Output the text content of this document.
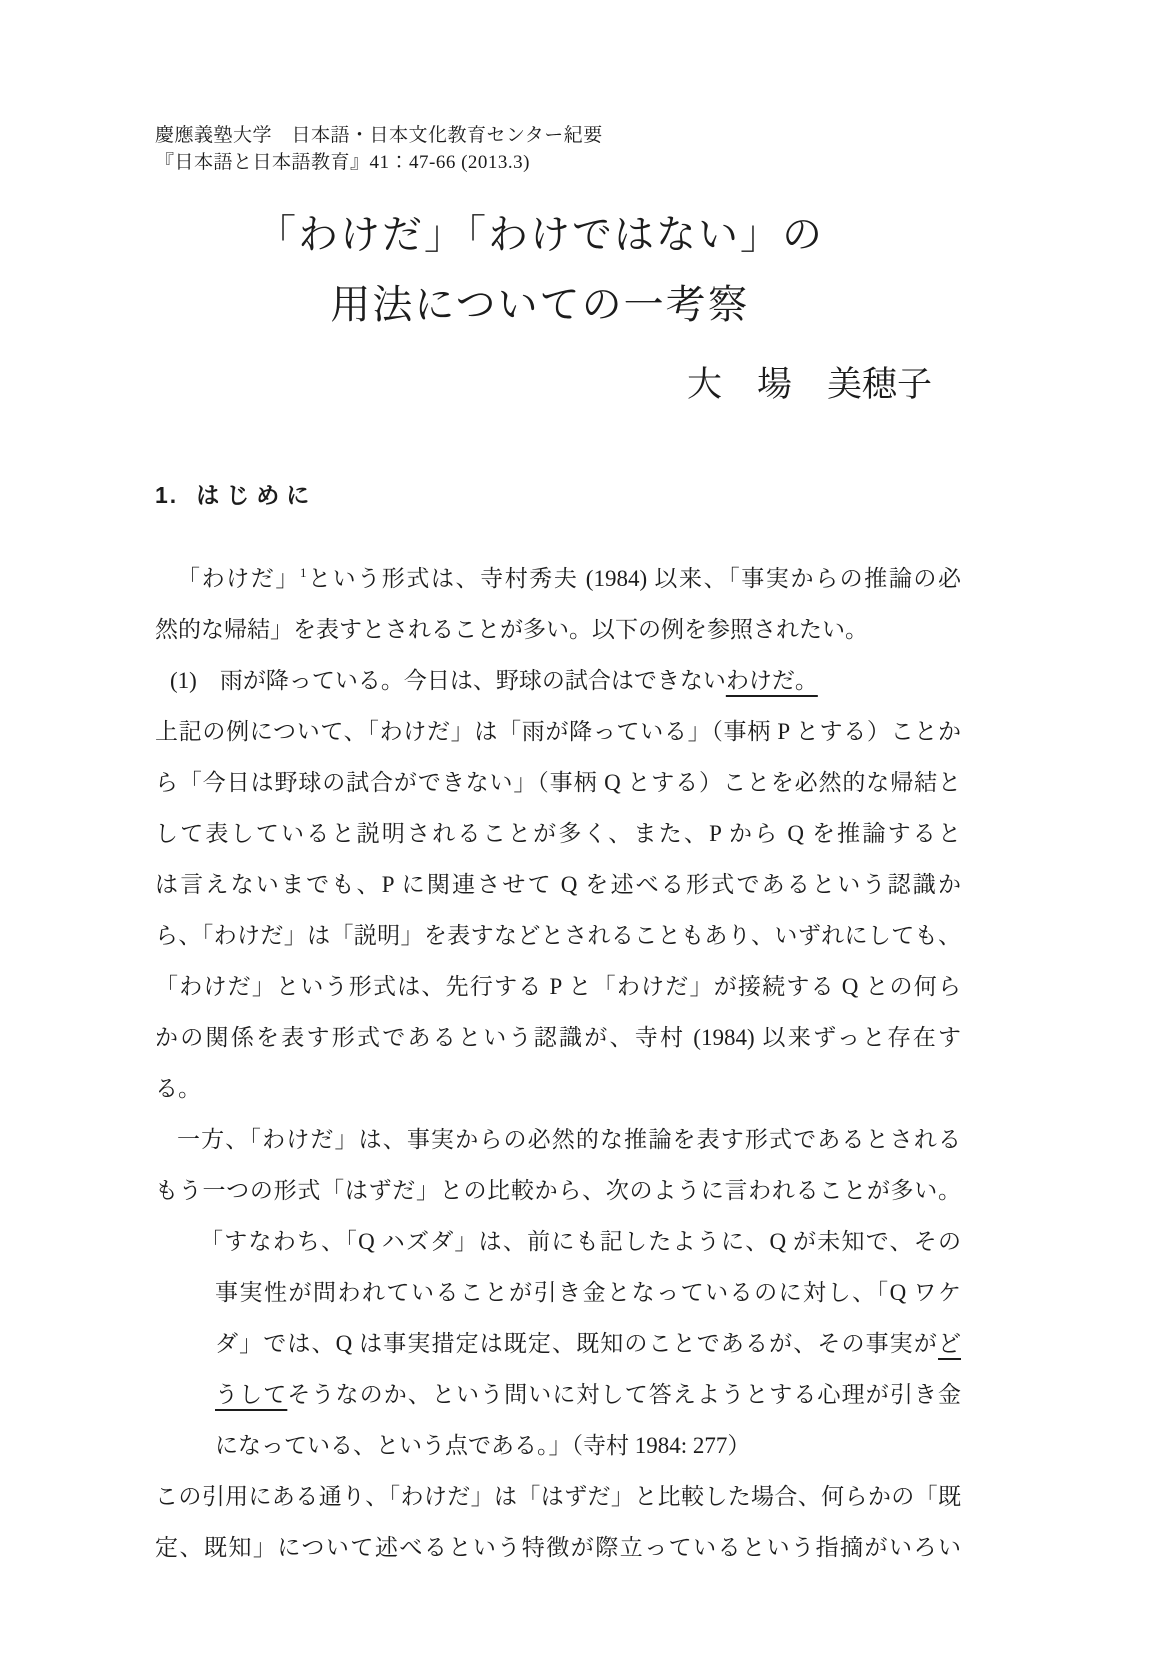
慶應義塾大学　日本語・日本文化教育センター紀要
『日本語と日本語教育』41：47-66 (2013.3)
「わけだ」「わけではない」の
用法についての一考察
大　場　美穂子
1. はじめに
「わけだ」$^1$という形式は、寺村秀夫 (1984) 以来、「事実からの推論の必
然的な帰結」を表すとされることが多い。以下の例を参照されたい。
(1)　雨が降っている。今日は、野球の試合はできないわけだ。
上記の例について、「わけだ」は「雨が降っている」（事柄 P とする）ことか
ら「今日は野球の試合ができない」（事柄 Q とする）ことを必然的な帰結と
して表していると説明されることが多く、また、P から Q を推論すると
は言えないまでも、P に関連させて Q を述べる形式であるという認識か
ら、「わけだ」は「説明」を表すなどとされることもあり、いずれにしても、
「わけだ」という形式は、先行する P と「わけだ」が接続する Q との何ら
かの関係を表す形式であるという認識が、寺村 (1984) 以来ずっと存在す
る。
一方、「わけだ」は、事実からの必然的な推論を表す形式であるとされる
もう一つの形式「はずだ」との比較から、次のように言われることが多い。
「すなわち、「Q ハズダ」は、前にも記したように、Q が未知で、その
事実性が問われていることが引き金となっているのに対し、「Q ワケ
ダ」では、Q は事実措定は既定、既知のことであるが、その事実がど
うしてそうなのか、という問いに対して答えようとする心理が引き金
になっている、という点である。」（寺村 1984: 277）
この引用にある通り、「わけだ」は「はずだ」と比較した場合、何らかの「既
定、既知」について述べるという特徴が際立っているという指摘がいろい
